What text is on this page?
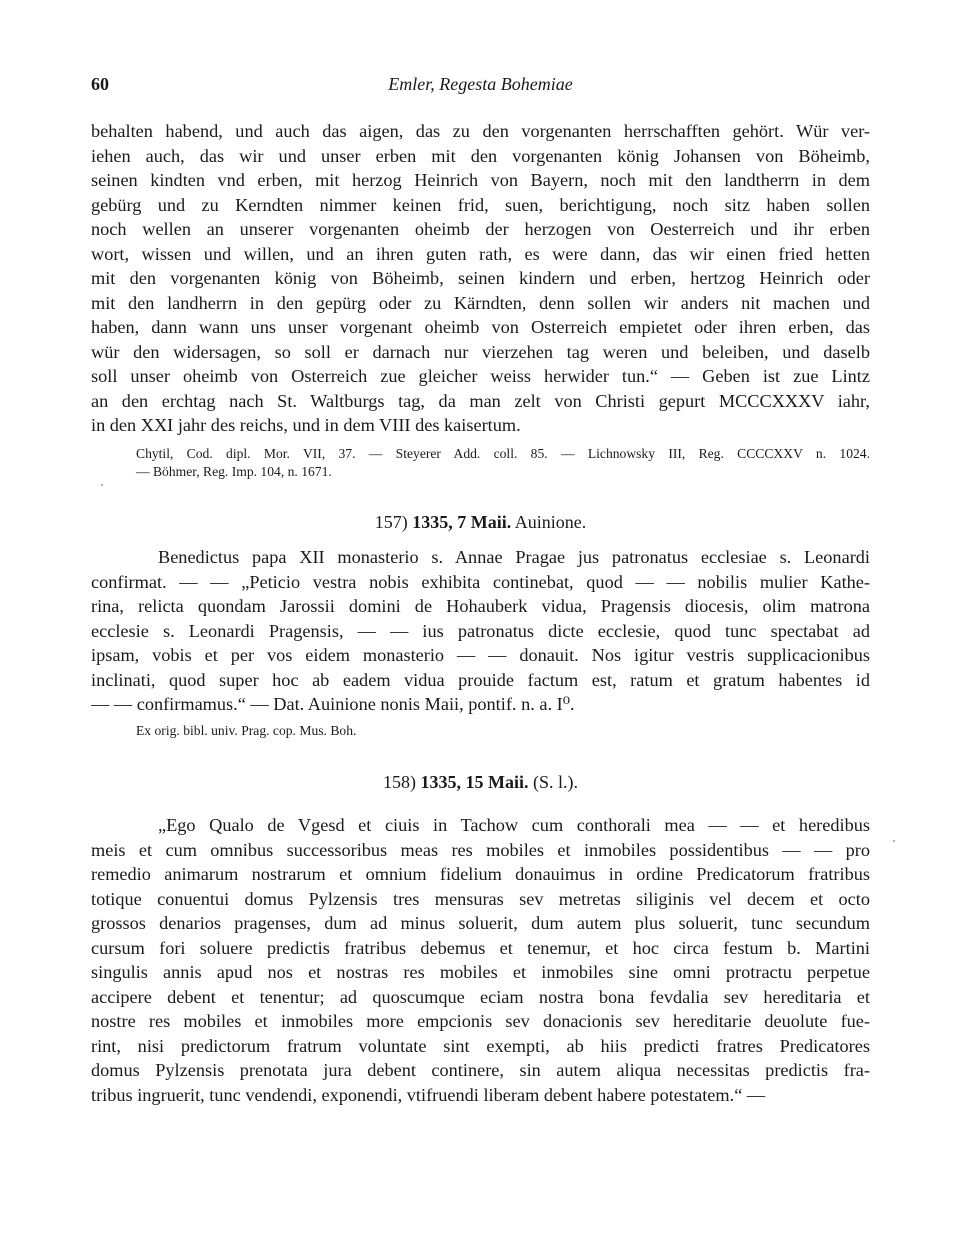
60	Emler, Regesta Bohemiae
behalten habend, und auch das aigen, das zu den vorgenanten herrschafften gehört. Wür ver-
iehen auch, das wir und unser erben mit den vorgenanten könig Johansen von Böheimb,
seinen kindten vnd erben, mit herzog Heinrich von Bayern, noch mit den landtherrn in dem
gebürg und zu Kerndten nimmer keinen frid, suen, berichtigung, noch sitz haben sollen
noch wellen an unserer vorgenanten oheimb der herzogen von Oesterreich und ihr erben
wort, wissen und willen, und an ihren guten rath, es were dann, das wir einen fried hetten
mit den vorgenanten könig von Böheimb, seinen kindern und erben, hertzog Heinrich oder
mit den landherrn in den gepürg oder zu Kärndten, denn sollen wir anders nit machen und
haben, dann wann uns unser vorgenant oheimb von Osterreich empietet oder ihren erben, das
wür den widersagen, so soll er darnach nur vierzehen tag weren und beleiben, und daselb
soll unser oheimb von Osterreich zue gleicher weiss herwider tun.“ — Geben ist zue Lintz
an den erchtag nach St. Waltburgs tag, da man zelt von Christi gepurt MCCCXXXV iahr,
in den XXI jahr des reichs, und in dem VIII des kaisertum.
Chytil, Cod. dipl. Mor. VII, 37. — Steyerer Add. coll. 85. — Lichnowsky III, Reg. CCCCXXV n. 1024.
— Böhmer, Reg. Imp. 104, n. 1671.
157) 1335, 7 Maii. Auinione.
Benedictus papa XII monasterio s. Annae Pragae jus patronatus ecclesiae s. Leonardi
confirmat. — — „Peticio vestra nobis exhibita continebat, quod — — nobilis mulier Kathe-
rina, relicta quondam Jarossii domini de Hohauberk vidua, Pragensis diocesis, olim matrona
ecclesie s. Leonardi Pragensis, — — ius patronatus dicte ecclesie, quod tunc spectabat ad
ipsam, vobis et per vos eidem monasterio — — donauit. Nos igitur vestris supplicacionibus
inclinati, quod super hoc ab eadem vidua prouide factum est, ratum et gratum habentes id
— — confirmamus.“ — Dat. Auinione nonis Maii, pontif. n. a. I⁰.
Ex orig. bibl. univ. Prag. cop. Mus. Boh.
158) 1335, 15 Maii. (S. l.).
„Ego Qualo de Vgesd et ciuis in Tachow cum conthorali mea — — et heredibus
meis et cum omnibus successoribus meas res mobiles et inmobiles possidentibus — — pro
remedio animarum nostrarum et omnium fidelium donauimus in ordine Predicatorum fratribus
totique conuentui domus Pylzensis tres mensuras sev metretas siliginis vel decem et octo
grossos denarios pragenses, dum ad minus soluerit, dum autem plus soluerit, tunc secundum
cursum fori soluere predictis fratribus debemus et tenemur, et hoc circa festum b. Martini
singulis annis apud nos et nostras res mobiles et inmobiles sine omni protractu perpetue
accipere debent et tenentur; ad quoscumque eciam nostra bona fevdalia sev hereditaria et
nostre res mobiles et inmobiles more empcionis sev donacionis sev hereditarie deuolute fue-
rint, nisi predictorum fratrum voluntate sint exempti, ab hiis predicti fratres Predicatores
domus Pylzensis prenotata jura debent continere, sin autem aliqua necessitas predictis fra-
tribus ingruerit, tunc vendendi, exponendi, vtifruendi liberam debent habere potestatem.“ —
